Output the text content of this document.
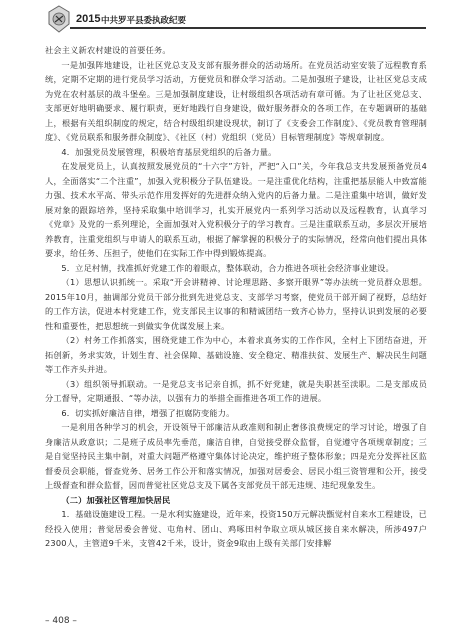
2015 中共罗平县委执政纪要

社会主义新农村建设的首要任务。

一是加强阵地建设，让社区党总支及支部有服务群众的活动场所。在党员活动室安装了远程教育系统，定期不定期的进行党员学习活动，方便党员和群众学习活动。二是加强班子建设，让社区党总支成为党在农村基层的战斗堡垒。三是加强制度建设，让村级组织各项活动有章可循。为了让社区党总支、支部更好地明确要求、履行职责，更好地践行自身建设，做好服务群众的各项工作，在专题调研的基础上，根据有关组织制度的规定，结合村级组织建设现状，制订了《支委会工作制度》、《党员教育管理制度》、《党员联系和服务群众制度》、《社区（村）党组织（党员）目标管理制度》等规章制度。

4．加强党员发展管理，积极培育基层党组织的后备力量。

在发展党员上，认真按照发展党员的“十六字”方针，严把“入口”关，今年我总支共发展预备党员4人，全面落实“二个注重”，加强入党积极分子队伍建设。一是注重优化结构，注重把基层能人中致富能力强、技术水平高、带头示范作用发挥好的先进群众纳入党内的后备力量。二是注重集中培训，做好发展对象的跟踪培养，坚持采取集中培训学习，扎实开展党内一系列学习活动以及远程教育，认真学习《党章》及党的一系列理论，全面加强对入党积极分子的学习教育。三是注重联系互动，多层次开展培养教育，注重党组织与申请人的联系互动，根据了解掌握的积极分子的实际情况，经常向他们提出具体要求，给任务、压担子，使他们在实际工作中得到锻炼提高。

5．立足村情，找准抓好党建工作的着眼点，整体联动，合力推进各项社会经济事业建设。

（1）思想认识抓统一。采取“开会讲精神、讨论理思路、多察开眼界”等办法统一党员群众思想。2015年10月，抽调部分党员干部分批到先进党总支、支部学习考察，使党员干部开阔了视野，总结好的工作方法，促进本村党建工作，党支部民主议事的和精诚团结一致齐心协力，坚持认识到发展的必要性和重要性，把思想统一到做实争优谋发展上来。

（2）村务工作抓落实，围绕党建工作为中心，本着求真务实的工作作风，全村上下团结奋进，开拓创新，务求实效，计划生育、社会保障、基础设施、安全稳定、精准扶贫、发展生产、解决民生问题等工作齐头并进。

（3）组织领导抓联动。一是党总支书记亲自抓，抓不好党建，就是失职甚至渎职。二是支部成员分工督导，定期通报、“等办法，以强有力的举措全面推进各项工作的进展。

6．切实抓好廉洁自律，增强了拒腐防变能力。

一是利用各种学习的机会，开设领导干部廉洁从政准则和制止奢侈浪费规定的学习讨论，增强了自身廉洁从政意识；二是班子成员率先垂范，廉洁自律，自觉接受群众监督，自觉遵守各项规章制度；三是自觉坚持民主集中制，对重大问题严格遵守集体讨论决定，维护班子整体形象；四是充分发挥社区监督委员会职能，督查党务、居务工作公开和落实情况，加强对居委会、居民小组三资管理和公开，接受上级督查和群众监督，因而普觉社区党总支及下属各支部党员干部无违规、违纪现象发生。

（二）加强社区管理加快居民

1．基础设施建设工程。一是水利实施建设，近年来，投资150万元解决甑觉村自来水工程建设，已经投入使用；普觉居委会普觉、屯角村、团山、鸡啄田村争取立项从城区接自来水解决，所涉497户2300人，主管道9千米，支管42千米，设计，资金9取由上级有关部门安排解

– 408 –
